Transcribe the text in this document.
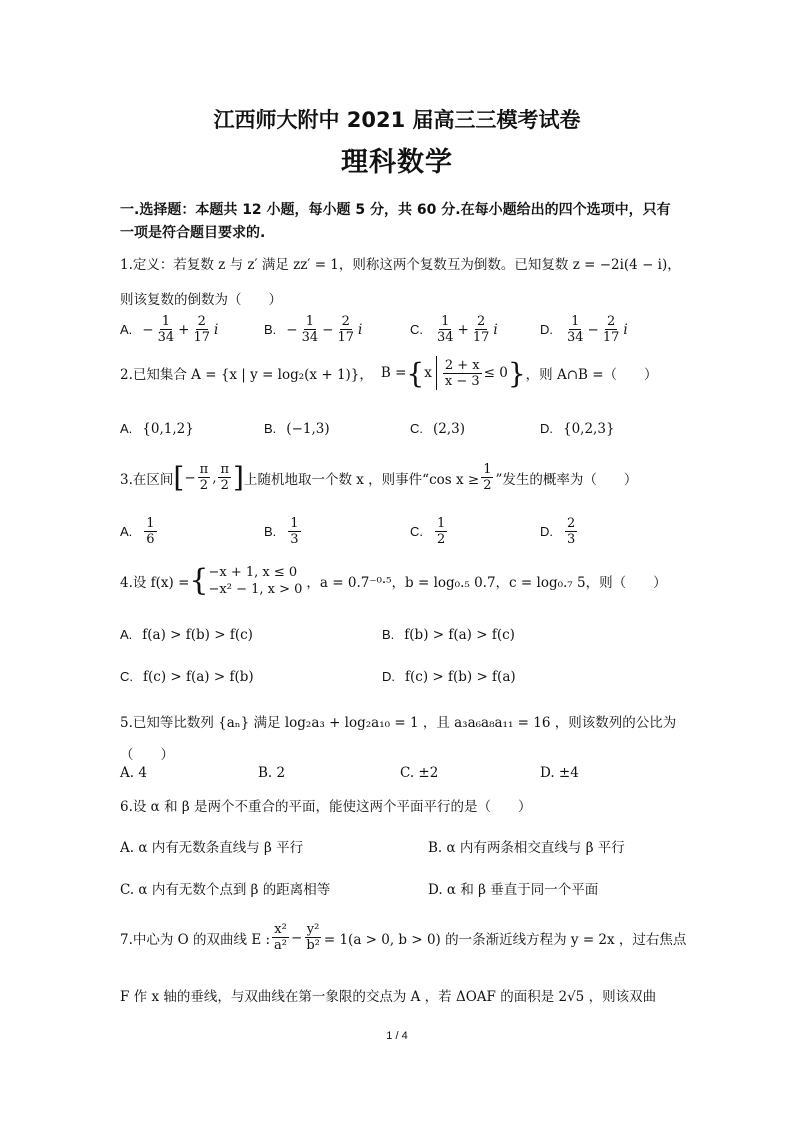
江西师大附中 2021 届高三三模考试卷
理科数学
一.选择题：本题共 12 小题，每小题 5 分，共 60 分.在每小题给出的四个选项中，只有一项是符合题目要求的.
1.定义：若复数 z 与 z′ 满足 zz′ = 1，则称这两个复数互为倒数。已知复数 z = −2i(4 − i)，
则该复数的倒数为（　　）
A. − $\frac{1}{34} + \frac{2}{17}$ i	B. − $\frac{1}{34} - \frac{2}{17}$ i	C. $\frac{1}{34} + \frac{2}{17}$ i	D. $\frac{1}{34} - \frac{2}{17}$ i
2.已知集合 A = {x | y = log₂(x + 1)}， B = { x $\frac{2 + x}{x - 3} \le 0$ } ，则 A∩B =（　　）
A. {0,1,2}	B. (−1,3)	C. (2,3)	D. {0,2,3}
3.在区间 [ − $\frac{\pi}{2}$ , $\frac{\pi}{2}$ ] 上随机地取一个数 x ，则事件“cos $x \ge \frac{1}{2}$ ”发生的概率为（　　）
A. $\frac{1}{6}$	B. $\frac{1}{3}$	C. $\frac{1}{2}$	D. $\frac{2}{3}$
4.设 f(x) = { −x + 1, x ≤ 0
−x² − 1, x > 0 ，a = 0.7⁻⁰·⁵，b = log₀.₅ 0.7，c = log₀.₇ 5，则（　　）
A. f(a) > f(b) > f(c)	B. f(b) > f(a) > f(c)
C. f(c) > f(a) > f(b)	D. f(c) > f(b) > f(a)
5.已知等比数列 {aₙ} 满足 log₂a₃ + log₂a₁₀ = 1 ，且 a₃a₆a₈a₁₁ = 16 ，则该数列的公比为
（　　）
A. 4	B. 2	C. ±2	D. ±4
6.设 α 和 β 是两个不重合的平面，能使这两个平面平行的是（　　）
A. α 内有无数条直线与 β 平行	B. α 内有两条相交直线与 β 平行
C. α 内有无数个点到 β 的距离相等	D. α 和 β 垂直于同一个平面
7.中心为 O 的双曲线 E : $\frac{\text{x²}}{\text{a²}} - \frac{\text{y²}}{\text{b²}} = 1(a > 0$, b > 0) 的一条渐近线方程为 y = 2x ，过右焦点
F 作 x 轴的垂线，与双曲线在第一象限的交点为 A ，若 ΔOAF 的面积是 2√5 ，则该双曲
1 / 4
